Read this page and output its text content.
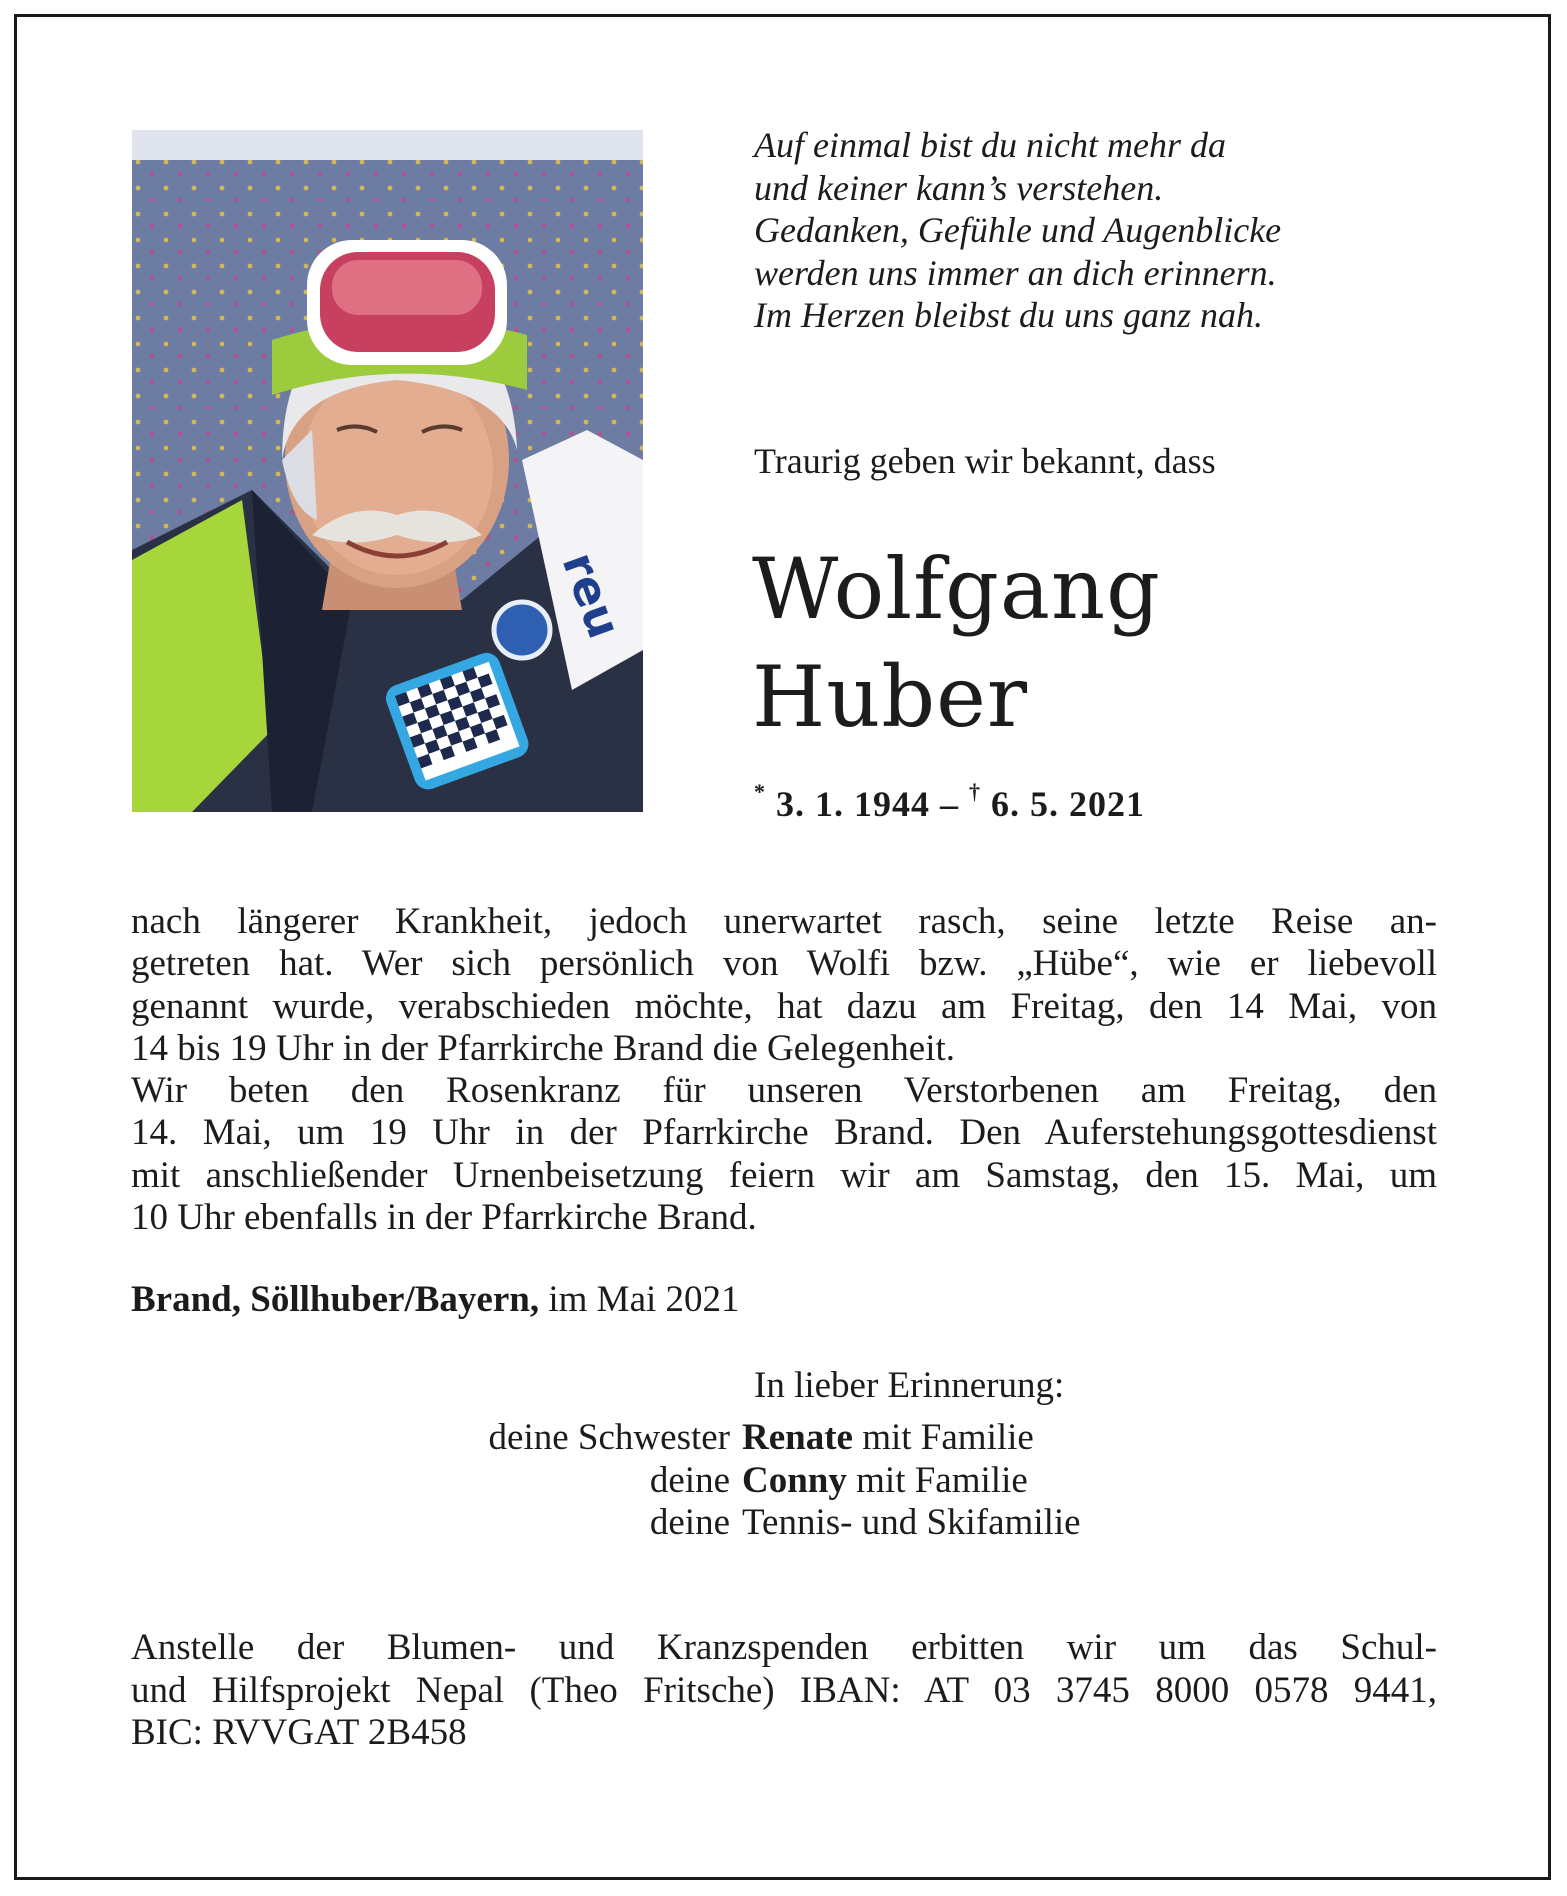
reu
Auf einmal bist du nicht mehr da
und keiner kann’s verstehen.
Gedanken, Gefühle und Augenblicke
werden uns immer an dich erinnern.
Im Herzen bleibst du uns ganz nah.
Traurig geben wir bekannt, dass
Wolfgang
Huber
* 3. 1. 1944 – † 6. 5. 2021
nach längerer Krankheit, jedoch unerwartet rasch, seine letzte Reise an-
getreten hat. Wer sich persönlich von Wolfi bzw. „Hübe“, wie er liebevoll
genannt wurde, verabschieden möchte, hat dazu am Freitag, den 14 Mai, von
14 bis 19 Uhr in der Pfarrkirche Brand die Gelegenheit.
Wir beten den Rosenkranz für unseren Verstorbenen am Freitag, den
14. Mai, um 19 Uhr in der Pfarrkirche Brand. Den Auferstehungsgottesdienst
mit anschließender Urnenbeisetzung feiern wir am Samstag, den 15. Mai, um
10 Uhr ebenfalls in der Pfarrkirche Brand.
Brand, Söllhuber/Bayern, im Mai 2021
In lieber Erinnerung:
deine Schwester Renate mit Familie
deine Conny mit Familie
deine Tennis- und Skifamilie
Anstelle der Blumen- und Kranzspenden erbitten wir um das Schul-
und Hilfsprojekt Nepal (Theo Fritsche) IBAN: AT 03 3745 8000 0578 9441,
BIC: RVVGAT 2B458
